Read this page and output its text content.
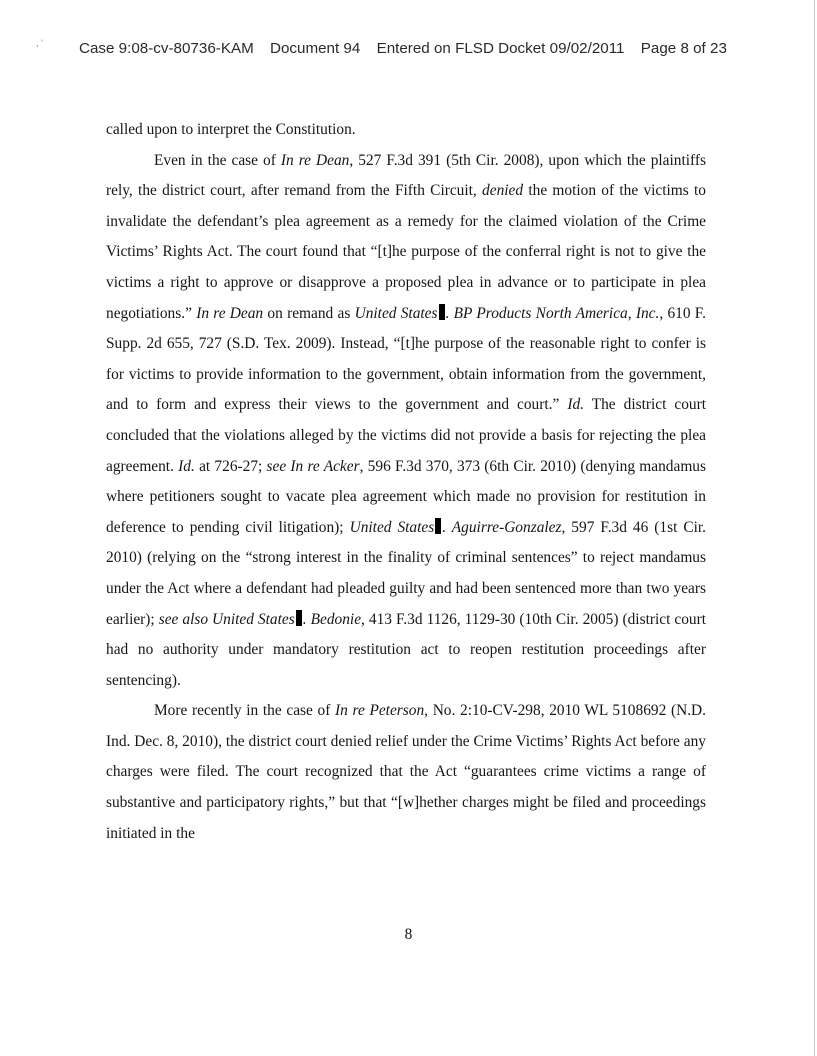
, ‘ Case 9:08-cv-80736-KAM Document 94 Entered on FLSD Docket 09/02/2011 Page 8 of 23

called upon to interpret the Constitution.

Even in the case of In re Dean, 527 F.3d 391 (5th Cir. 2008), upon which the plaintiffs rely, the district court, after remand from the Fifth Circuit, denied the motion of the victims to invalidate the defendant’s plea agreement as a remedy for the claimed violation of the Crime Victims’ Rights Act. The court found that “[t]he purpose of the conferral right is not to give the victims a right to approve or disapprove a proposed plea in advance or to participate in plea negotiations.” In re Dean on remand as United States . BP Products North America, Inc., 610 F. Supp. 2d 655, 727 (S.D. Tex. 2009). Instead, “[t]he purpose of the reasonable right to confer is for victims to provide information to the government, obtain information from the government, and to form and express their views to the government and court.” Id. The district court concluded that the violations alleged by the victims did not provide a basis for rejecting the plea agreement. Id. at 726-27; see In re Acker, 596 F.3d 370, 373 (6th Cir. 2010) (denying mandamus where petitioners sought to vacate plea agreement which made no provision for restitution in deference to pending civil litigation); United States . Aguirre-Gonzalez, 597 F.3d 46 (1st Cir. 2010) (relying on the “strong interest in the finality of criminal sentences” to reject mandamus under the Act where a defendant had pleaded guilty and had been sentenced more than two years earlier); see also United States . Bedonie, 413 F.3d 1126, 1129-30 (10th Cir. 2005) (district court had no authority under mandatory restitution act to reopen restitution proceedings after sentencing).

More recently in the case of In re Peterson, No. 2:10-CV-298, 2010 WL 5108692 (N.D. Ind. Dec. 8, 2010), the district court denied relief under the Crime Victims’ Rights Act before any charges were filed. The court recognized that the Act “guarantees crime victims a range of substantive and participatory rights,” but that “[w]hether charges might be filed and proceedings initiated in the

8
